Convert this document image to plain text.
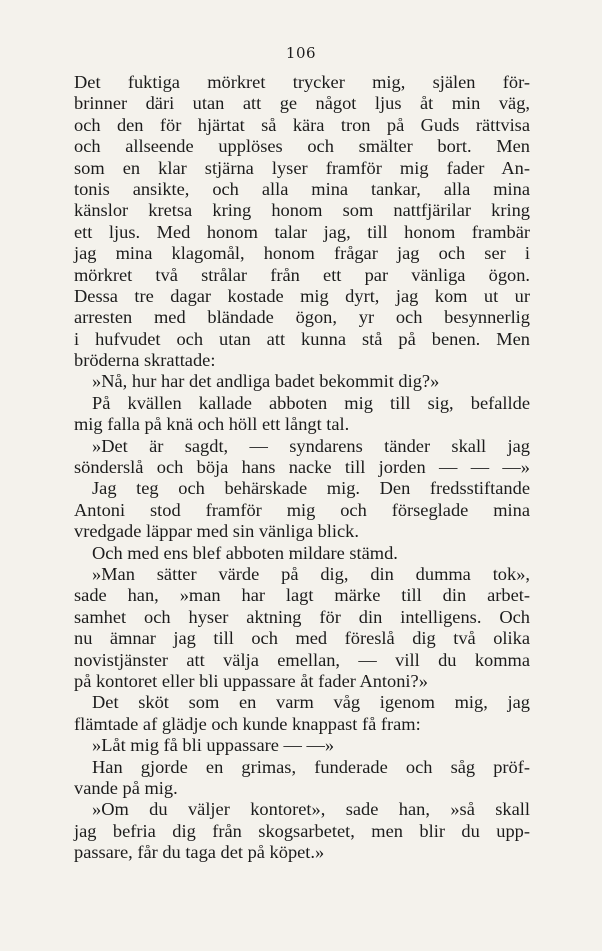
106
Det fuktiga mörkret trycker mig, själen för-
brinner däri utan att ge något ljus åt min väg,
och den för hjärtat så kära tron på Guds rättvisa
och allseende upplöses och smälter bort. Men
som en klar stjärna lyser framför mig fader An-
tonis ansikte, och alla mina tankar, alla mina
känslor kretsa kring honom som nattfjärilar kring
ett ljus. Med honom talar jag, till honom frambär
jag mina klagomål, honom frågar jag och ser i
mörkret två strålar från ett par vänliga ögon.
Dessa tre dagar kostade mig dyrt, jag kom ut ur
arresten med bländade ögon, yr och besynnerlig
i hufvudet och utan att kunna stå på benen. Men
bröderna skrattade:
»Nå, hur har det andliga badet bekommit dig?»
På kvällen kallade abboten mig till sig, befallde
mig falla på knä och höll ett långt tal.
»Det är sagdt, — syndarens tänder skall jag
sönderslå och böja hans nacke till jorden — — —»
Jag teg och behärskade mig. Den fredsstiftande
Antoni stod framför mig och förseglade mina
vredgade läppar med sin vänliga blick.
Och med ens blef abboten mildare stämd.
»Man sätter värde på dig, din dumma tok»,
sade han, »man har lagt märke till din arbet-
samhet och hyser aktning för din intelligens. Och
nu ämnar jag till och med föreslå dig två olika
novistjänster att välja emellan, — vill du komma
på kontoret eller bli uppassare åt fader Antoni?»
Det sköt som en varm våg igenom mig, jag
flämtade af glädje och kunde knappast få fram:
»Låt mig få bli uppassare — —»
Han gjorde en grimas, funderade och såg pröf-
vande på mig.
»Om du väljer kontoret», sade han, »så skall
jag befria dig från skogsarbetet, men blir du upp-
passare, får du taga det på köpet.»
